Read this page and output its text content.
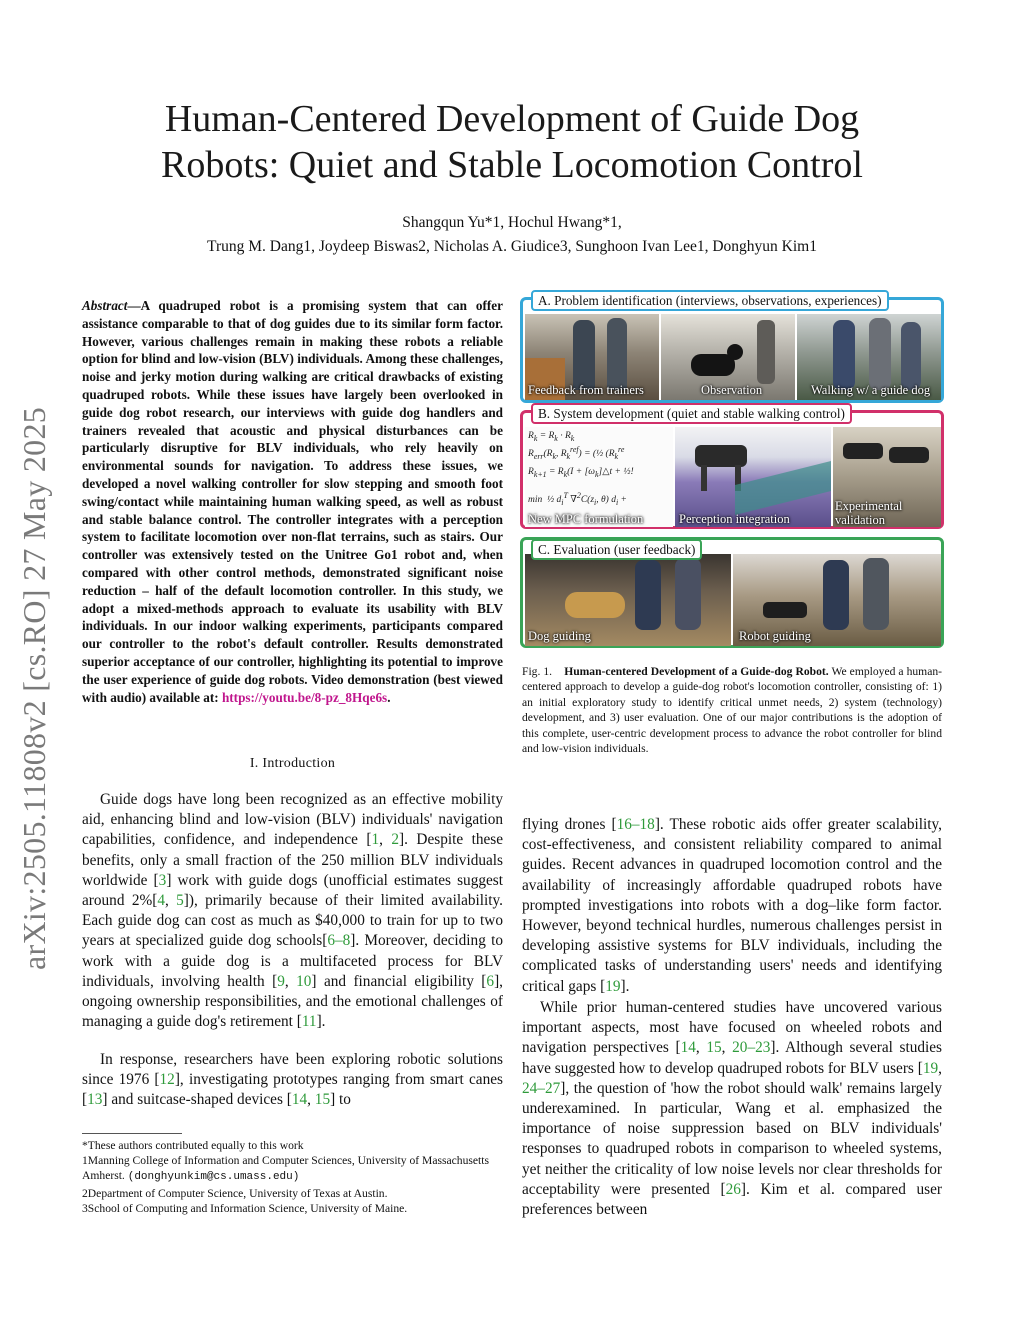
arXiv:2505.11808v2 [cs.RO] 27 May 2025
Human-Centered Development of Guide Dog
Robots: Quiet and Stable Locomotion Control
Shangqun Yu*1, Hochul Hwang*1,
Trung M. Dang1, Joydeep Biswas2, Nicholas A. Giudice3, Sunghoon Ivan Lee1, Donghyun Kim1
Abstract—A quadruped robot is a promising system that can offer assistance comparable to that of dog guides due to its similar form factor. However, various challenges remain in making these robots a reliable option for blind and low-vision (BLV) individuals. Among these challenges, noise and jerky motion during walking are critical drawbacks of existing quadruped robots. While these issues have largely been overlooked in guide dog robot research, our interviews with guide dog handlers and trainers revealed that acoustic and physical disturbances can be particularly disruptive for BLV individuals, who rely heavily on environmental sounds for navigation. To address these issues, we developed a novel walking controller for slow stepping and smooth foot swing/contact while maintaining human walking speed, as well as robust and stable balance control. The controller integrates with a perception system to facilitate locomotion over non-flat terrains, such as stairs. Our controller was extensively tested on the Unitree Go1 robot and, when compared with other control methods, demonstrated significant noise reduction – half of the default locomotion controller. In this study, we adopt a mixed-methods approach to evaluate its usability with BLV individuals. In our indoor walking experiments, participants compared our controller to the robot's default controller. Results demonstrated superior acceptance of our controller, highlighting its potential to improve the user experience of guide dog robots. Video demonstration (best viewed with audio) available at: https://youtu.be/8-pz_8Hqe6s.
I. Introduction

Guide dogs have long been recognized as an effective mobility aid, enhancing blind and low-vision (BLV) individuals' navigation capabilities, confidence, and independence [1, 2]. Despite these benefits, only a small fraction of the 250 million BLV individuals worldwide [3] work with guide dogs (unofficial estimates suggest around 2%[4, 5]), primarily because of their limited availability. Each guide dog can cost as much as $40,000 to train for up to two years at specialized guide dog schools[6–8]. Moreover, deciding to work with a guide dog is a multifaceted process for BLV individuals, involving health [9, 10] and financial eligibility [6], ongoing ownership responsibilities, and the emotional challenges of managing a guide dog's retirement [11].

In response, researchers have been exploring robotic solutions since 1976 [12], investigating prototypes ranging from smart canes [13] and suitcase-shaped devices [14, 15] to

*These authors contributed equally to this work
1Manning College of Information and Computer Sciences, University of Massachusetts Amherst. (donghyunkim@cs.umass.edu)
2Department of Computer Science, University of Texas at Austin.
3School of Computing and Information Science, University of Maine.
Feedback from trainers	Observation	Walking w/ a guide dog
A. Problem identification (interviews, observations, experiences)
$R_k = R_k \cdot R_k$
$R_{err}(R_k$, $R_k^{ref}$) = (½ ($R_k^{re}$
$R_{k+1} = R_k(I$ + $[\omega_k]\triangle t$ + ½!
min  ½ $d_i^T$ $\nabla^2C(z_i$, θ) $d_i$ +
New MPC formulation	Perception integration
Experimental validation
B. System development (quiet and stable walking control)
Dog guiding	Robot guiding
C. Evaluation (user feedback)
Fig. 1. Human-centered Development of a Guide-dog Robot. We employed a human-centered approach to develop a guide-dog robot's locomotion controller, consisting of: 1) an initial exploratory study to identify critical unmet needs, 2) system (technology) development, and 3) user evaluation. One of our major contributions is the adoption of this complete, user-centric development process to advance the robot controller for blind and low-vision individuals.
flying drones [16–18]. These robotic aids offer greater scalability, cost-effectiveness, and consistent reliability compared to animal guides. Recent advances in quadruped locomotion control and the availability of increasingly affordable quadruped robots have prompted investigations into robots with a dog–like form factor. However, beyond technical hurdles, numerous challenges persist in developing assistive systems for BLV individuals, including the complicated tasks of understanding users' needs and identifying critical gaps [19].

While prior human-centered studies have uncovered various important aspects, most have focused on wheeled robots and navigation perspectives [14, 15, 20–23]. Although several studies have suggested how to develop quadruped robots for BLV users [19, 24–27], the question of 'how the robot should walk' remains largely underexamined. In particular, Wang et al. emphasized the importance of noise suppression based on BLV individuals' responses to quadruped robots in comparison to wheeled systems, yet neither the criticality of low noise levels nor clear thresholds for acceptability were presented [26]. Kim et al. compared user preferences between
